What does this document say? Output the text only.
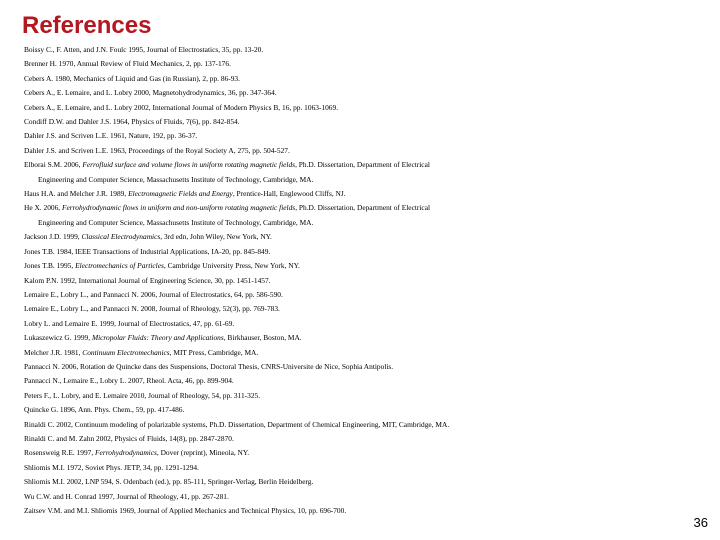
References
Boissy C., F. Atten, and J.N. Foulc 1995, Journal of Electrostatics, 35, pp. 13-20.
Brenner H. 1970, Annual Review of Fluid Mechanics, 2, pp. 137-176.
Cebers A. 1980, Mechanics of Liquid and Gas (in Russian), 2, pp. 86-93.
Cebers A., E. Lemaire, and L. Lobry 2000, Magnetohydrodynamics, 36, pp. 347-364.
Cebers A., E. Lemaire, and L. Lobry 2002, International Journal of Modern Physics B, 16, pp. 1063-1069.
Condiff D.W. and Dahler J.S. 1964, Physics of Fluids, 7(6), pp. 842-854.
Dahler J.S. and Scriven L.E. 1961, Nature, 192, pp. 36-37.
Dahler J.S. and Scriven L.E. 1963, Proceedings of the Royal Society A, 275, pp. 504-527.
Elborai S.M. 2006, Ferrofluid surface and volume flows in uniform rotating magnetic fields, Ph.D. Dissertation, Department of Electrical
Engineering and Computer Science, Massachusetts Institute of Technology, Cambridge, MA.
Haus H.A. and Melcher J.R. 1989, Electromagnetic Fields and Energy, Prentice-Hall, Englewood Cliffs, NJ.
He X. 2006, Ferrohydrodynamic flows in uniform and non-uniform rotating magnetic fields, Ph.D. Dissertation, Department of Electrical
Engineering and Computer Science, Massachusetts Institute of Technology, Cambridge, MA.
Jackson J.D. 1999, Classical Electrodynamics, 3rd edn, John Wiley, New York, NY.
Jones T.B. 1984, IEEE Transactions of Industrial Applications, IA-20, pp. 845-849.
Jones T.B. 1995, Electromechanics of Particles, Cambridge University Press, New York, NY.
Kalom P.N. 1992, International Journal of Engineering Science, 30, pp. 1451-1457.
Lemaire E., Lobry L., and Pannacci N. 2006, Journal of Electrostatics, 64, pp. 586-590.
Lemaire E., Lobry L., and Pannacci N. 2008, Journal of Rheology, 52(3), pp. 769-783.
Lobry L. and Lemaire E. 1999, Journal of Electrostatics, 47, pp. 61-69.
Lukaszewicz G. 1999, Micropolar Fluids: Theory and Applications, Birkhauser, Boston, MA.
Melcher J.R. 1981, Continuum Electromechanics, MIT Press, Cambridge, MA.
Pannacci N. 2006, Rotation de Quincke dans des Suspensions, Doctoral Thesis, CNRS-Universite de Nice, Sophia Antipolis.
Pannacci N., Lemaire E., Lobry L. 2007, Rheol. Acta, 46, pp. 899-904.
Peters F., L. Lobry, and E. Lemaire 2010, Journal of Rheology, 54, pp. 311-325.
Quincke G. 1896, Ann. Phys. Chem., 59, pp. 417-486.
Rinaldi C. 2002, Continuum modeling of polarizable systems, Ph.D. Dissertation, Department of Chemical Engineering, MIT, Cambridge, MA.
Rinaldi C. and M. Zahn 2002, Physics of Fluids, 14(8), pp. 2847-2870.
Rosensweig R.E. 1997, Ferrohydrodynamics, Dover (reprint), Mineola, NY.
Shliomis M.I. 1972, Soviet Phys. JETP, 34, pp. 1291-1294.
Shliomis M.I. 2002, LNP 594, S. Odenbach (ed.), pp. 85-111, Springer-Verlag, Berlin Heidelberg.
Wu C.W. and H. Conrad 1997, Journal of Rheology, 41, pp. 267-281.
Zaitsev V.M. and M.I. Shliomis 1969, Journal of Applied Mechanics and Technical Physics, 10, pp. 696-700.
36
